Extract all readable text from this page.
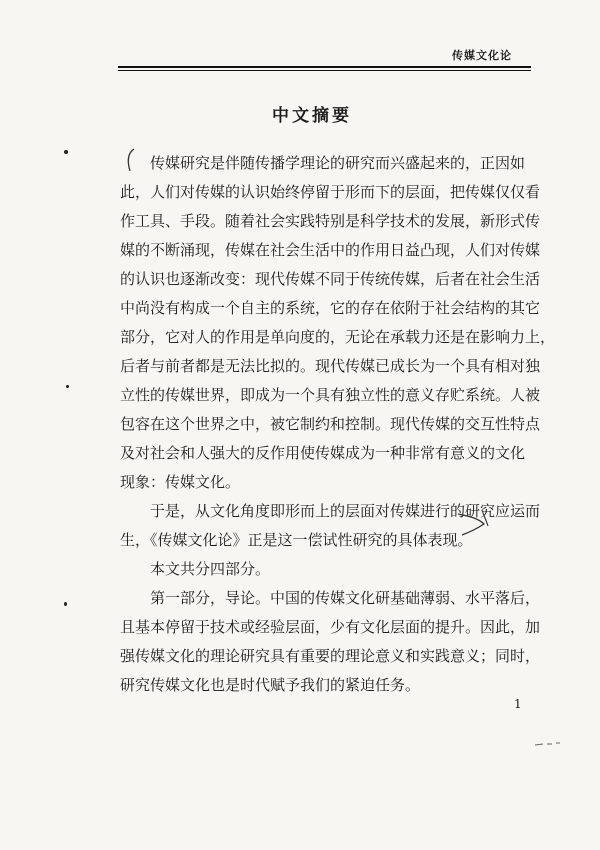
传媒文化论
中文摘要
传媒研究是伴随传播学理论的研究而兴盛起来的，正因如
此，人们对传媒的认识始终停留于形而下的层面，把传媒仅仅看
作工具、手段。随着社会实践特别是科学技术的发展，新形式传
媒的不断涌现，传媒在社会生活中的作用日益凸现，人们对传媒
的认识也逐渐改变：现代传媒不同于传统传媒，后者在社会生活
中尚没有构成一个自主的系统，它的存在依附于社会结构的其它
部分，它对人的作用是单向度的，无论在承载力还是在影响力上，
后者与前者都是无法比拟的。现代传媒已成长为一个具有相对独
立性的传媒世界，即成为一个具有独立性的意义存贮系统。人被
包容在这个世界之中，被它制约和控制。现代传媒的交互性特点
及对社会和人强大的反作用使传媒成为一种非常有意义的文化
现象：传媒文化。
于是，从文化角度即形而上的层面对传媒进行的研究应运而
生，《传媒文化论》正是这一偿试性研究的具体表现。
本文共分四部分。
第一部分，导论。中国的传媒文化研基础薄弱、水平落后，
且基本停留于技术或经验层面，少有文化层面的提升。因此，加
强传媒文化的理论研究具有重要的理论意义和实践意义；同时，
研究传媒文化也是时代赋予我们的紧迫任务。
1
